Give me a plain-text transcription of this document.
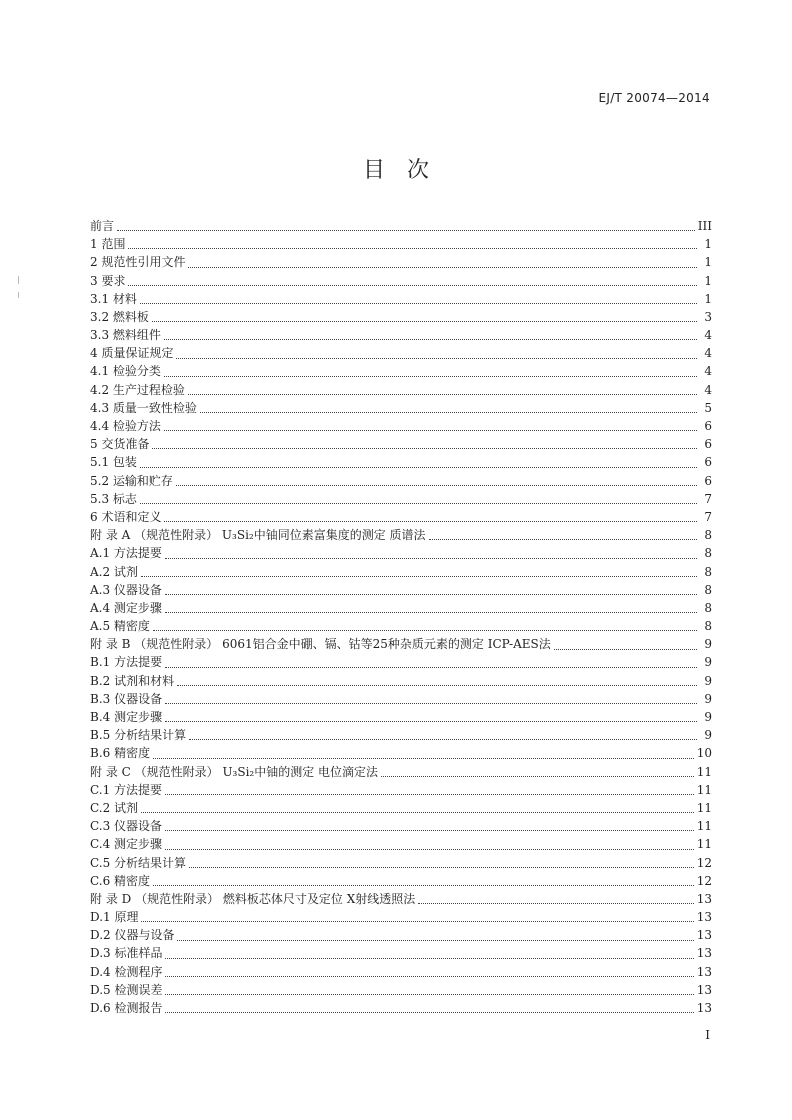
EJ/T 20074—2014
目次
前言	III
1 范围	1
2 规范性引用文件	1
3 要求	1
3.1 材料	1
3.2 燃料板	3
3.3 燃料组件	4
4 质量保证规定	4
4.1 检验分类	4
4.2 生产过程检验	4
4.3 质量一致性检验	5
4.4 检验方法	6
5 交货准备	6
5.1 包装	6
5.2 运输和贮存	6
5.3 标志	7
6 术语和定义	7
附 录 A （规范性附录） U₃Si₂中铀同位素富集度的测定 质谱法	8
A.1 方法提要	8
A.2 试剂	8
A.3 仪器设备	8
A.4 测定步骤	8
A.5 精密度	8
附 录 B （规范性附录） 6061铝合金中硼、镉、钴等25种杂质元素的测定 ICP-AES法	9
B.1 方法提要	9
B.2 试剂和材料	9
B.3 仪器设备	9
B.4 测定步骤	9
B.5 分析结果计算	9
B.6 精密度	10
附 录 C （规范性附录） U₃Si₂中铀的测定 电位滴定法	11
C.1 方法提要	11
C.2 试剂	11
C.3 仪器设备	11
C.4 测定步骤	11
C.5 分析结果计算	12
C.6 精密度	12
附 录 D （规范性附录） 燃料板芯体尺寸及定位 X射线透照法	13
D.1 原理	13
D.2 仪器与设备	13
D.3 标准样品	13
D.4 检测程序	13
D.5 检测误差	13
D.6 检测报告	13
I
